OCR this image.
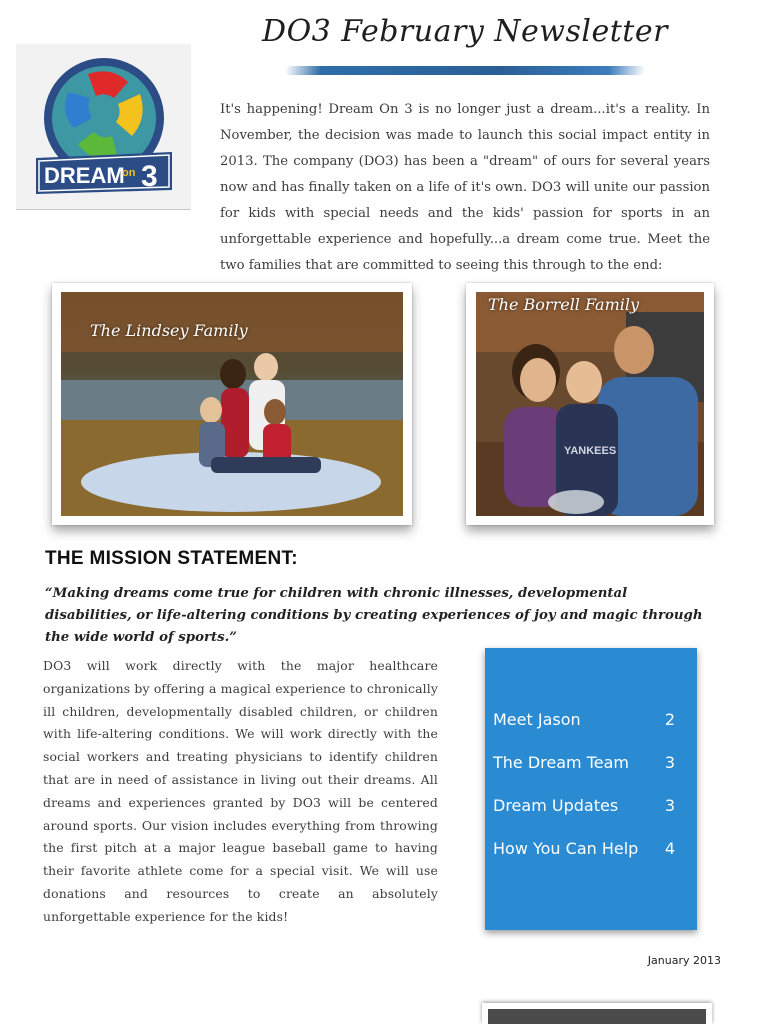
DO3 February Newsletter
DREAM
on 3

It's happening! Dream On 3 is no longer just a dream...it's a reality. In November, the decision was made to launch this social impact entity in 2013. The company (DO3) has been a "dream" of ours for several years now and has finally taken on a life of it's own. DO3 will unite our passion for kids with special needs and the kids' passion for sports in an unforgettable experience and hopefully...a dream come true. Meet the two families that are committed to seeing this through to the end:

The Lindsey Family
YANKEES
The Borrell Family
THE MISSION STATEMENT:

“Making dreams come true for children with chronic illnesses, developmental disabilities, or life-altering conditions by creating experiences of joy and magic through the wide world of sports.”

DO3 will work directly with the major healthcare organizations by offering a magical experience to chronically ill children, developmentally disabled children, or children with life-altering conditions. We will work directly with the social workers and treating physicians to identify children that are in need of assistance in living out their dreams. All dreams and experiences granted by DO3 will be centered around sports. Our vision includes everything from throwing the first pitch at a major league baseball game to having their favorite athlete come for a special visit. We will use donations and resources to create an absolutely unforgettable experience for the kids!

Meet Jason	2
The Dream Team 3
Dream Updates	3
How You Can Help 4
January 2013
